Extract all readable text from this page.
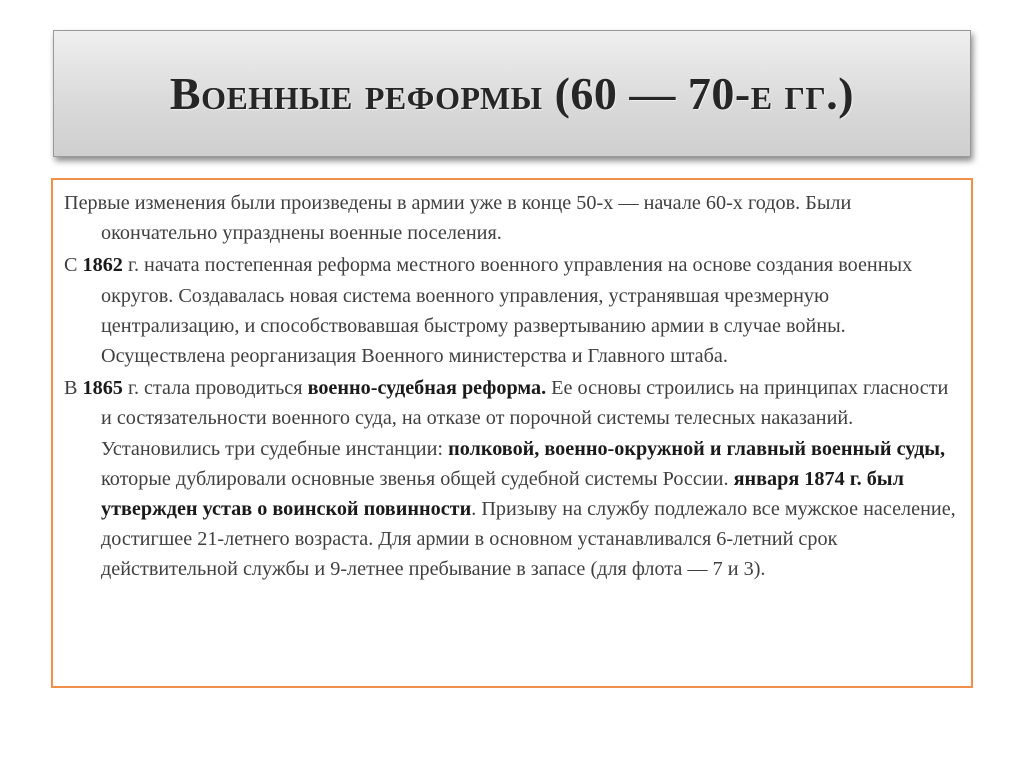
Военные реформы (60 — 70-е гг.)

Первые изменения были произведены в армии уже в конце 50-х — начале 60-х годов. Были окончательно упразднены военные поселения.

С 1862 г. начата постепенная реформа местного военного управления на основе создания военных округов. Создавалась новая система военного управления, устранявшая чрезмерную централизацию, и способствовавшая быстрому развертыванию армии в случае войны. Осуществлена реорганизация Военного министерства и Главного штаба.

В 1865 г. стала проводиться военно-судебная реформа. Ее основы строились на принципах гласности и состязательности военного суда, на отказе от порочной системы телесных наказаний. Установились три судебные инстанции: полковой, военно-окружной и главный военный суды, которые дублировали основные звенья общей судебной системы России. января 1874 г. был утвержден устав о воинской повинности. Призыву на службу подлежало все мужское население, достигшее 21-летнего возраста. Для армии в основном устанавливался 6-летний срок действительной службы и 9-летнее пребывание в запасе (для флота — 7 и 3).
